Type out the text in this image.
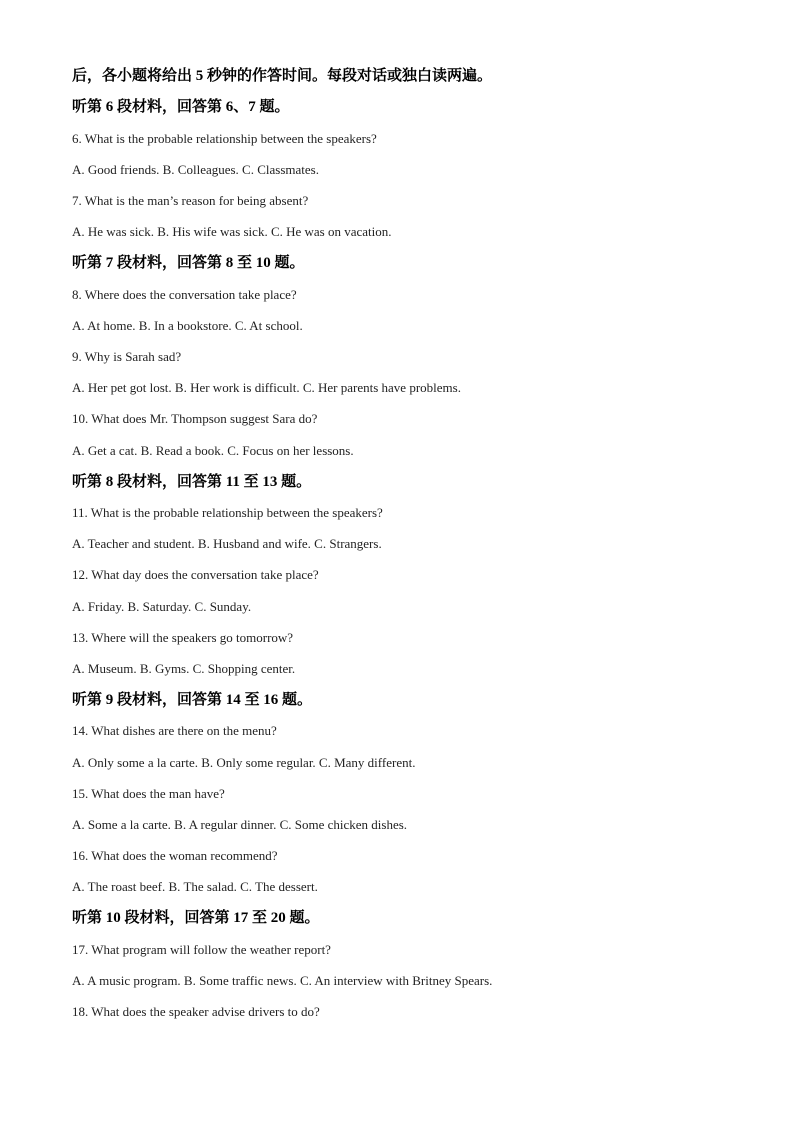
后，各小题将给出 5 秒钟的作答时间。每段对话或独白读两遍。
听第 6 段材料，回答第 6、7 题。
6. What is the probable relationship between the speakers?
A. Good friends. B. Colleagues. C. Classmates.
7. What is the man’s reason for being absent?
A. He was sick. B. His wife was sick. C. He was on vacation.
听第 7 段材料，回答第 8 至 10 题。
8. Where does the conversation take place?
A. At home. B. In a bookstore. C. At school.
9. Why is Sarah sad?
A. Her pet got lost. B. Her work is difficult. C. Her parents have problems.
10. What does Mr. Thompson suggest Sara do?
A. Get a cat. B. Read a book. C. Focus on her lessons.
听第 8 段材料，回答第 11 至 13 题。
11. What is the probable relationship between the speakers?
A. Teacher and student. B. Husband and wife. C. Strangers.
12. What day does the conversation take place?
A. Friday. B. Saturday. C. Sunday.
13. Where will the speakers go tomorrow?
A. Museum. B. Gyms. C. Shopping center.
听第 9 段材料，回答第 14 至 16 题。
14. What dishes are there on the menu?
A. Only some a la carte. B. Only some regular. C. Many different.
15. What does the man have?
A. Some a la carte. B. A regular dinner. C. Some chicken dishes.
16. What does the woman recommend?
A. The roast beef. B. The salad. C. The dessert.
听第 10 段材料，回答第 17 至 20 题。
17. What program will follow the weather report?
A. A music program. B. Some traffic news. C. An interview with Britney Spears.
18. What does the speaker advise drivers to do?
